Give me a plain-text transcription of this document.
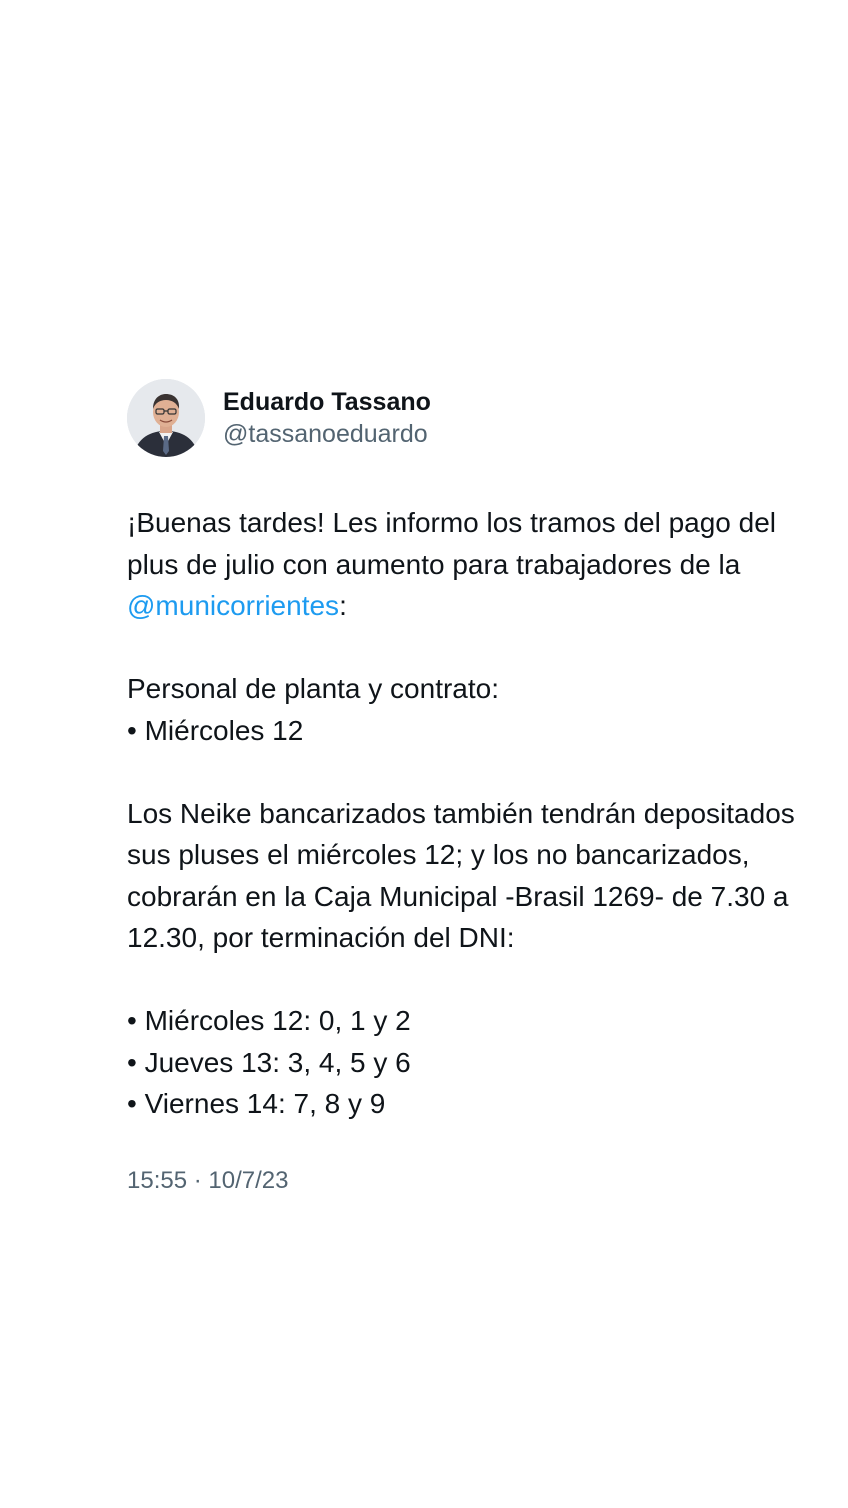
Eduardo Tassano
@tassanoeduardo

¡Buenas tardes! Les informo los tramos del pago del plus de julio con aumento para trabajadores de la @municorrientes:

Personal de planta y contrato:

• Miércoles 12

Los Neike bancarizados también tendrán depositados sus pluses el miércoles 12; y los no bancarizados, cobrarán en la Caja Municipal -Brasil 1269- de 7.30 a 12.30, por terminación del DNI:

• Miércoles 12: 0, 1 y 2

• Jueves 13: 3, 4, 5 y 6

• Viernes 14: 7, 8 y 9

15:55 · 10/7/23
